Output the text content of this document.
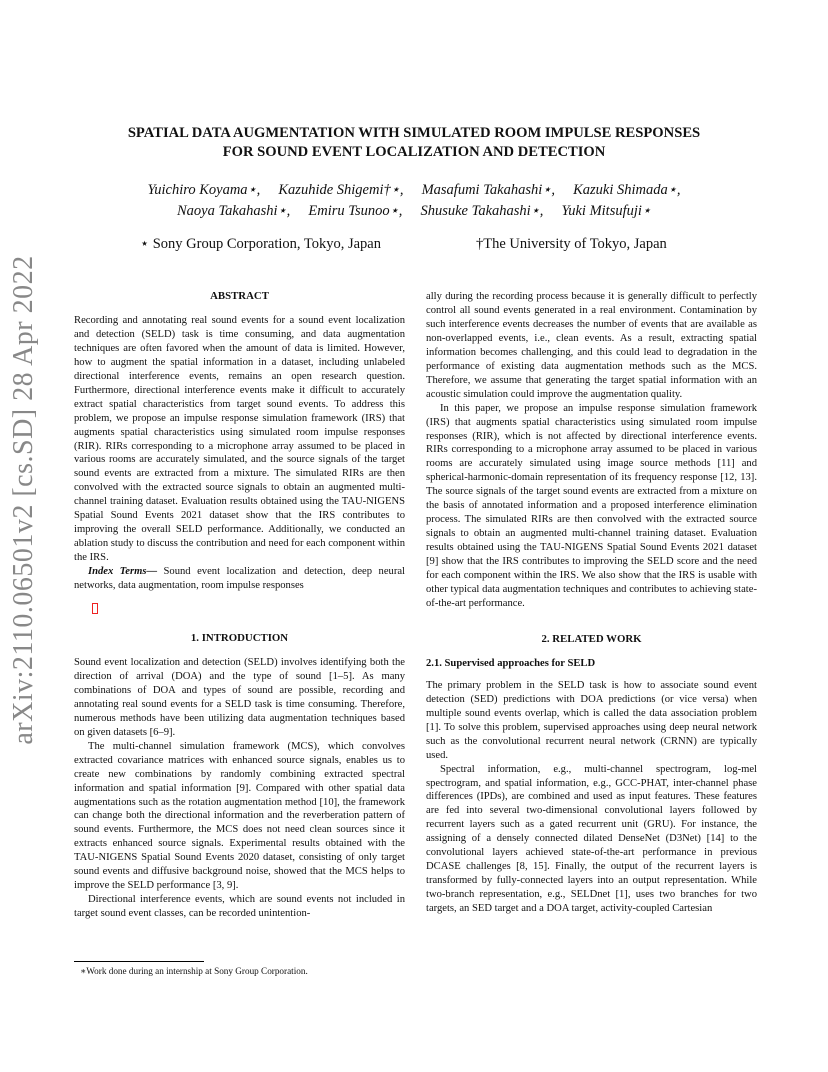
arXiv:2110.06501v2 [cs.SD] 28 Apr 2022
SPATIAL DATA AUGMENTATION WITH SIMULATED ROOM IMPULSE RESPONSES
FOR SOUND EVENT LOCALIZATION AND DETECTION
Yuichiro Koyama⋆,     Kazuhide Shigemi†⋆,     Masafumi Takahashi⋆,     Kazuki Shimada⋆,
Naoya Takahashi⋆,     Emiru Tsunoo⋆,     Shusuke Takahashi⋆,     Yuki Mitsufuji⋆
⋆ Sony Group Corporation, Tokyo, Japan	†The University of Tokyo, Japan
ABSTRACT

Recording and annotating real sound events for a sound event localization and detection (SELD) task is time consuming, and data augmentation techniques are often favored when the amount of data is limited. However, how to augment the spatial information in a dataset, including unlabeled directional interference events, remains an open research question. Furthermore, directional interference events make it difficult to accurately extract spatial characteristics from target sound events. To address this problem, we propose an impulse response simulation framework (IRS) that augments spatial characteristics using simulated room impulse responses (RIR). RIRs corresponding to a microphone array assumed to be placed in various rooms are accurately simulated, and the source signals of the target sound events are extracted from a mixture. The simulated RIRs are then convolved with the extracted source signals to obtain an augmented multi-channel training dataset. Evaluation results obtained using the TAU-NIGENS Spatial Sound Events 2021 dataset show that the IRS contributes to improving the overall SELD performance. Additionally, we conducted an ablation study to discuss the contribution and need for each component within the IRS.

Index Terms— Sound event localization and detection, deep neural networks, data augmentation, room impulse responses

1. INTRODUCTION

Sound event localization and detection (SELD) involves identifying both the direction of arrival (DOA) and the type of sound [1–5]. As many combinations of DOA and types of sound are possible, recording and annotating real sound events for a SELD task is time consuming. Therefore, numerous methods have been utilizing data augmentation techniques based on given datasets [6–9].

The multi-channel simulation framework (MCS), which convolves extracted covariance matrices with enhanced source signals, enables us to create new combinations by randomly combining extracted spectral information and spatial information [9]. Compared with other spatial data augmentations such as the rotation augmentation method [10], the framework can change both the directional information and the reverberation pattern of sound events. Furthermore, the MCS does not need clean sources since it extracts enhanced source signals. Experimental results obtained with the TAU-NIGENS Spatial Sound Events 2020 dataset, consisting of only target sound events and diffusive background noise, showed that the MCS helps to improve the SELD performance [3, 9].

Directional interference events, which are sound events not included in target sound event classes, can be recorded unintention-

ally during the recording process because it is generally difficult to perfectly control all sound events generated in a real environment. Contamination by such interference events decreases the number of events that are available as non-overlapped events, i.e., clean events. As a result, extracting spatial information becomes challenging, and this could lead to degradation in the performance of existing data augmentation methods such as the MCS. Therefore, we assume that generating the target spatial information with an acoustic simulation could improve the augmentation quality.

In this paper, we propose an impulse response simulation framework (IRS) that augments spatial characteristics using simulated room impulse responses (RIR), which is not affected by directional interference events. RIRs corresponding to a microphone array assumed to be placed in various rooms are accurately simulated using image source methods [11] and spherical-harmonic-domain representation of its frequency response [12, 13]. The source signals of the target sound events are extracted from a mixture on the basis of annotated information and a proposed interference elimination process. The simulated RIRs are then convolved with the extracted source signals to obtain an augmented multi-channel training dataset. Evaluation results obtained using the TAU-NIGENS Spatial Sound Events 2021 dataset [9] show that the IRS contributes to improving the SELD score and the need for each component within the IRS. We also show that the IRS is usable with other typical data augmentation techniques and contributes to achieving state-of-the-art performance.

2. RELATED WORK
2.1. Supervised approaches for SELD

The primary problem in the SELD task is how to associate sound event detection (SED) predictions with DOA predictions (or vice versa) when multiple sound events overlap, which is called the data association problem [1]. To solve this problem, supervised approaches using deep neural network such as the convolutional recurrent neural network (CRNN) are typically used.

Spectral information, e.g., multi-channel spectrogram, log-mel spectrogram, and spatial information, e.g., GCC-PHAT, inter-channel phase differences (IPDs), are combined and used as input features. These features are fed into several two-dimensional convolutional layers followed by recurrent layers such as a gated recurrent unit (GRU). For instance, the assigning of a densely connected dilated DenseNet (D3Net) [14] to the convolutional layers achieved state-of-the-art performance in previous DCASE challenges [8, 15]. Finally, the output of the recurrent layers is transformed by fully-connected layers into an output representation. While two-branch representation, e.g., SELDnet [1], uses two branches for two targets, an SED target and a DOA target, activity-coupled Cartesian

∗Work done during an internship at Sony Group Corporation.
